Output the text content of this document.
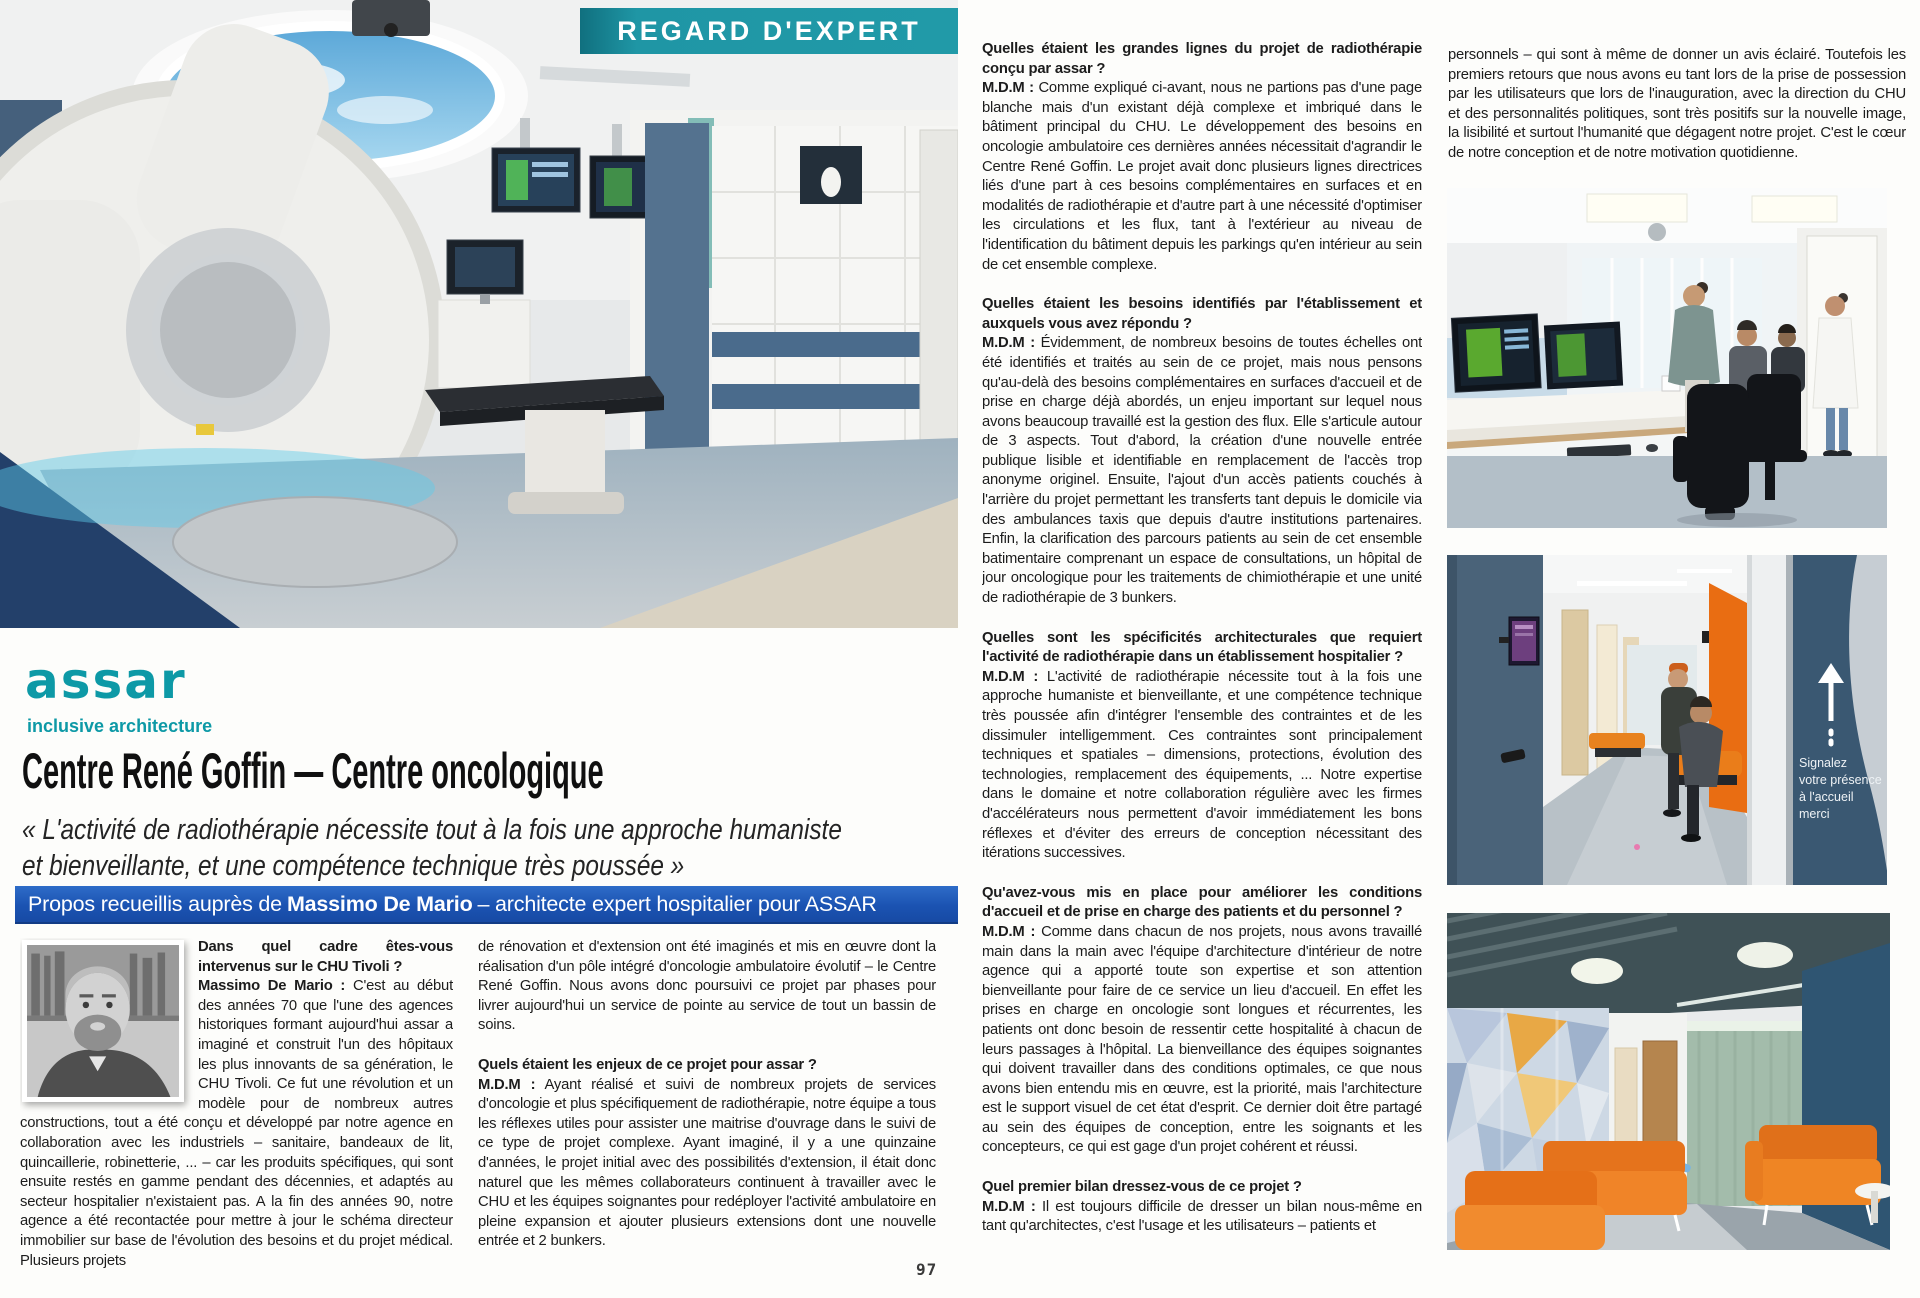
REGARD D'EXPERT
assar
inclusive architecture
Centre René Goffin — Centre oncologique
« L'activité de radiothérapie nécessite tout à la fois une approche humaniste
et bienveillante, et une compétence technique très poussée »
Propos recueillis auprès de Massimo De Mario – architecte expert hospitalier pour ASSAR

Dans quel cadre êtes-vous intervenus sur le CHU Tivoli ?

Massimo De Mario : C'est au début des années 70 que l'une des agences historiques formant aujourd'hui assar a imaginé et construit l'un des hôpitaux les plus innovants de sa génération, le CHU Tivoli. Ce fut une révolution et un modèle pour de nombreux autres constructions, tout a été conçu et développé par notre agence en collaboration avec les industriels – sanitaire, bandeaux de lit, quincaillerie, robinetterie, ... – car les produits spécifiques, qui sont ensuite restés en gamme pendant des décennies, et adaptés au secteur hospitalier n'existaient pas. A la fin des années 90, notre agence a été recontactée pour mettre à jour le schéma directeur immobilier sur base de l'évolution des besoins et du projet médical. Plusieurs projets

de rénovation et d'extension ont été imaginés et mis en œuvre dont la réalisation d'un pôle intégré d'oncologie ambulatoire évolutif – le Centre René Goffin. Nous avons donc poursuivi ce projet par phases pour livrer aujourd'hui un service de pointe au service de tout un bassin de soins.

Quels étaient les enjeux de ce projet pour assar ?

M.D.M : Ayant réalisé et suivi de nombreux projets de services d'oncologie et plus spécifiquement de radiothérapie, notre équipe a tous les réflexes utiles pour assister une maitrise d'ouvrage dans le suivi de ce type de projet complexe. Ayant imaginé, il y a une quinzaine d'années, le projet initial avec des possibilités d'extension, il était donc naturel que les mêmes collaborateurs continuent à travailler avec le CHU et les équipes soignantes pour redéployer l'activité ambulatoire en pleine expansion et ajouter plusieurs extensions dont une nouvelle entrée et 2 bunkers.

Quelles étaient les grandes lignes du projet de radiothérapie conçu par assar ?

M.D.M : Comme expliqué ci-avant, nous ne partions pas d'une page blanche mais d'un existant déjà complexe et imbriqué dans le bâtiment principal du CHU. Le développement des besoins en oncologie ambulatoire ces dernières années nécessitait d'agrandir le Centre René Goffin. Le projet avait donc plusieurs lignes directrices liés d'une part à ces besoins complémentaires en surfaces et en modalités de radiothérapie et d'autre part à une nécessité d'optimiser les circulations et les flux, tant à l'extérieur au niveau de l'identification du bâtiment depuis les parkings qu'en intérieur au sein de cet ensemble complexe.

Quelles étaient les besoins identifiés par l'établissement et auxquels vous avez répondu ?

M.D.M : Évidemment, de nombreux besoins de toutes échelles ont été identifiés et traités au sein de ce projet, mais nous pensons qu'au-delà des besoins complémentaires en surfaces d'accueil et de prise en charge déjà abordés, un enjeu important sur lequel nous avons beaucoup travaillé est la gestion des flux. Elle s'articule autour de 3 aspects. Tout d'abord, la création d'une nouvelle entrée publique lisible et identifiable en remplacement de l'accès trop anonyme originel. Ensuite, l'ajout d'un accès patients couchés à l'arrière du projet permettant les transferts tant depuis le domicile via des ambulances taxis que depuis d'autre institutions partenaires. Enfin, la clarification des parcours patients au sein de cet ensemble batimentaire comprenant un espace de consultations, un hôpital de jour oncologique pour les traitements de chimiothérapie et une unité de radiothérapie de 3 bunkers.

Quelles sont les spécificités architecturales que requiert l'activité de radiothérapie dans un établissement hospitalier ?

M.D.M : L'activité de radiothérapie nécessite tout à la fois une approche humaniste et bienveillante, et une compétence technique très poussée afin d'intégrer l'ensemble des contraintes et de les dissimuler intelligemment. Ces contraintes sont principalement techniques et spatiales – dimensions, protections, évolution des technologies, remplacement des équipements, ... Notre expertise dans le domaine et notre collaboration régulière avec les firmes d'accélérateurs nous permettent d'avoir immédiatement les bons réflexes et d'éviter des erreurs de conception nécessitant des itérations successives.

Qu'avez-vous mis en place pour améliorer les conditions d'accueil et de prise en charge des patients et du personnel ?

M.D.M : Comme dans chacun de nos projets, nous avons travaillé main dans la main avec l'équipe d'architecture d'intérieur de notre agence qui a apporté toute son expertise et son attention bienveillante pour faire de ce service un lieu d'accueil. En effet les prises en charge en oncologie sont longues et récurrentes, les patients ont donc besoin de ressentir cette hospitalité à chacun de leurs passages à l'hôpital. La bienveillance des équipes soignantes qui doivent travailler dans des conditions optimales, ce que nous avons bien entendu mis en œuvre, est la priorité, mais l'architecture est le support visuel de cet état d'esprit. Ce dernier doit être partagé au sein des équipes de conception, entre les soignants et les concepteurs, ce qui est gage d'un projet cohérent et réussi.

Quel premier bilan dressez-vous de ce projet ?

M.D.M : Il est toujours difficile de dresser un bilan nous-même en tant qu'architectes, c'est l'usage et les utilisateurs – patients et

personnels – qui sont à même de donner un avis éclairé. Toutefois les premiers retours que nous avons eu tant lors de la prise de possession par les utilisateurs que lors de l'inauguration, avec la direction du CHU et des personnalités politiques, sont très positifs sur la nouvelle image, la lisibilité et surtout l'humanité que dégagent notre projet. C'est le cœur de notre conception et de notre motivation quotidienne.

Signalez
votre présence
à l'accueil
merci
97
